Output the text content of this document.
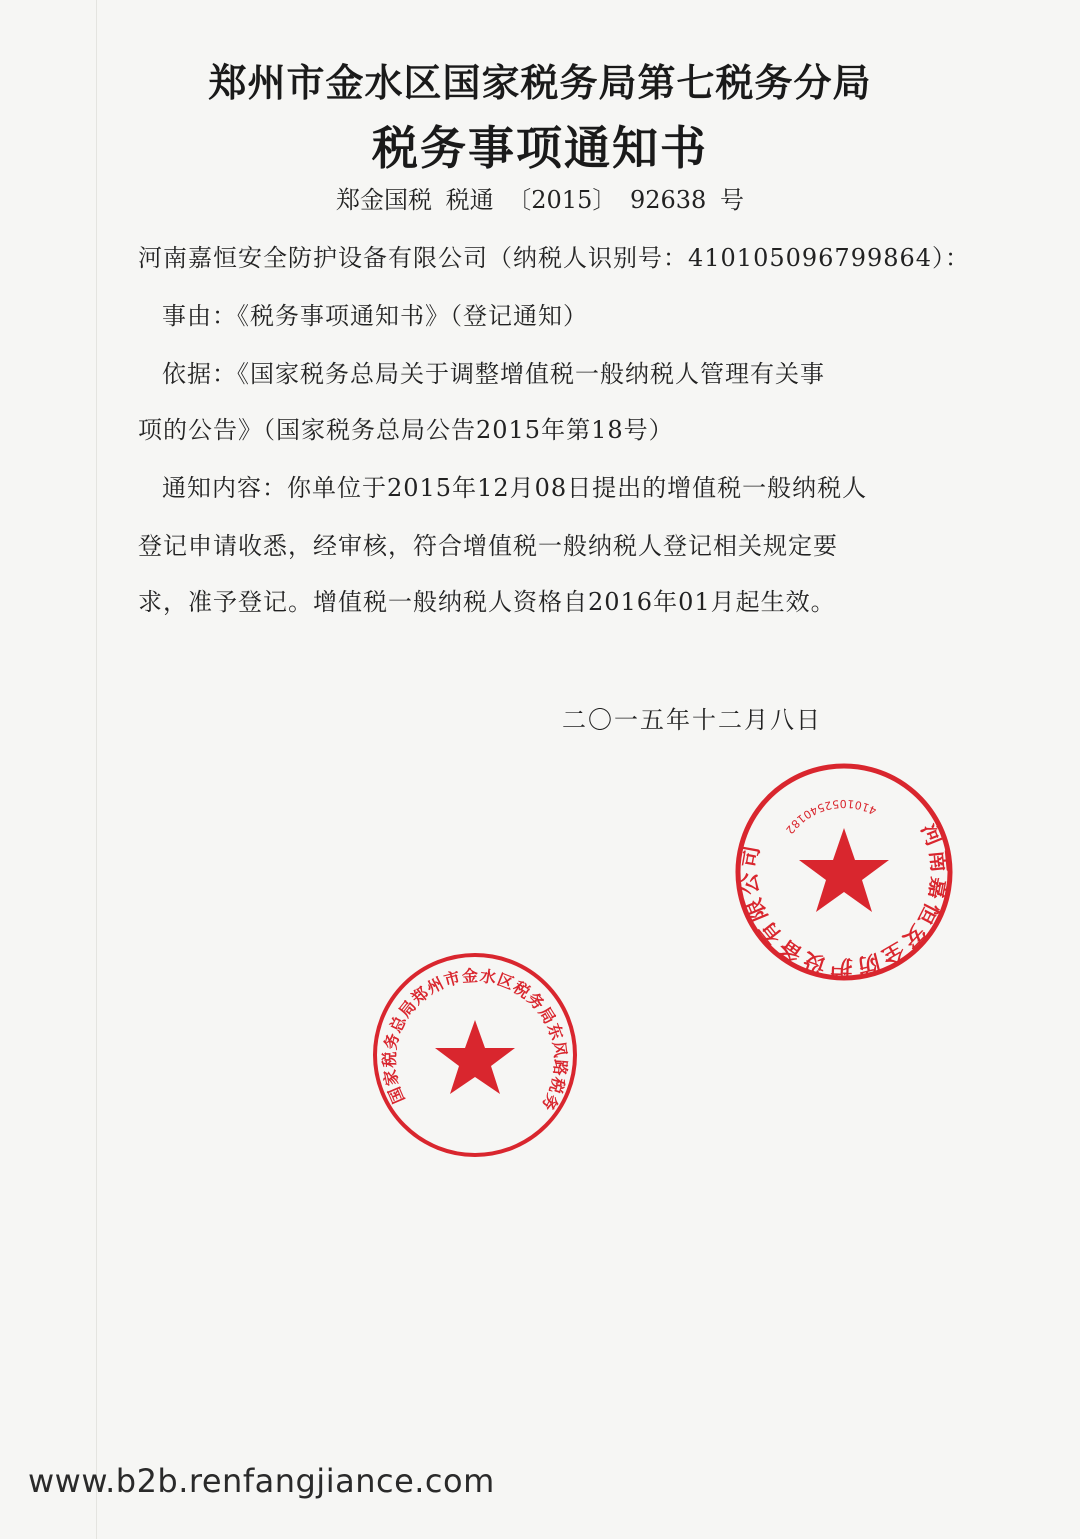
郑州市金水区国家税务局第七税务分局
税务事项通知书
郑金国税 税通 〔2015〕 92638 号
河南嘉恒安全防护设备有限公司（纳税人识别号：410105096799864）：
事由：《税务事项通知书》（登记通知）
依据：《国家税务总局关于调整增值税一般纳税人管理有关事
项的公告》（国家税务总局公告2015年第18号）
通知内容：你单位于2015年12月08日提出的增值税一般纳税人
登记申请收悉，经审核，符合增值税一般纳税人登记相关规定要
求，准予登记。增值税一般纳税人资格自2016年01月起生效。
二〇一五年十二月八日
河南嘉恒安全防护设备有限公司
4101052540182
国家税务总局郑州市金水区税务局东风路税务
www.b2b.renfangjiance.com
